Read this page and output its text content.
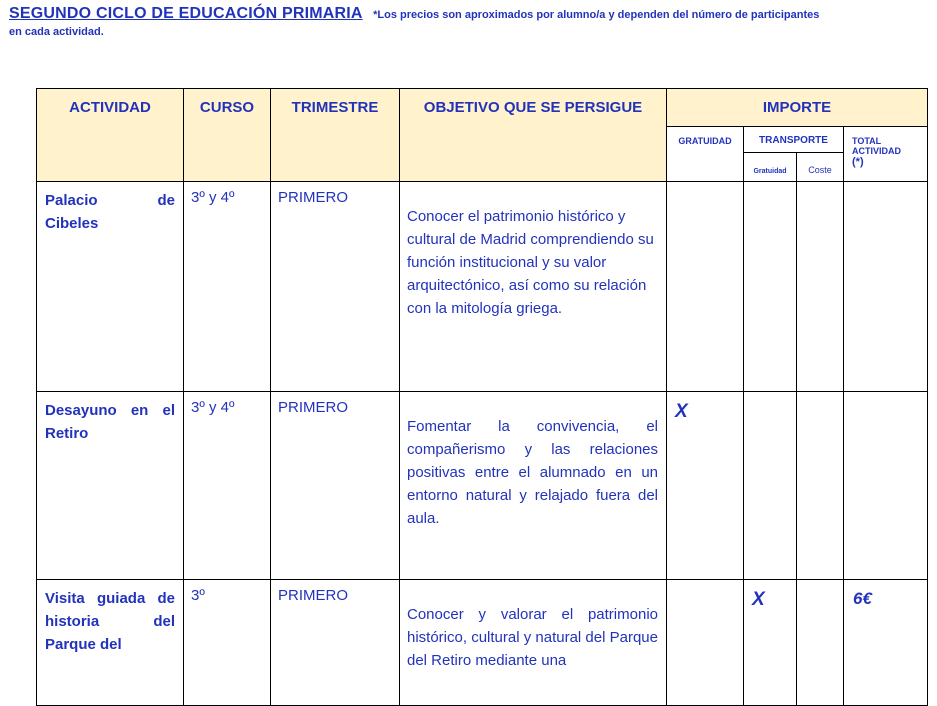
SEGUNDO CICLO DE EDUCACIÓN PRIMARIA *Los precios son aproximados por alumno/a y dependen del número de participantes
en cada actividad.
ACTIVIDAD	CURSO	TRIMESTRE	OBJETIVO QUE SE PERSIGUE	IMPORTE			
				GRATUIDAD	TRANSPORTE		TOTAL
ACTIVIDAD
(*)
					Gratuidad	Coste	
Palacio de Cibeles	3º y 4º	PRIMERO	Conocer el patrimonio histórico y cultural de Madrid comprendiendo su función institucional y su valor arquitectónico, así como su relación con la mitología griega.				
Desayuno en el Retiro	3º y 4º	PRIMERO	Fomentar la convivencia, el compañerismo y las relaciones positivas entre el alumnado en un entorno natural y relajado fuera del aula.	X			
Visita guiada de historia del Parque del	3º	PRIMERO	Conocer y valorar el patrimonio histórico, cultural y natural del Parque del Retiro mediante una		X		6€
